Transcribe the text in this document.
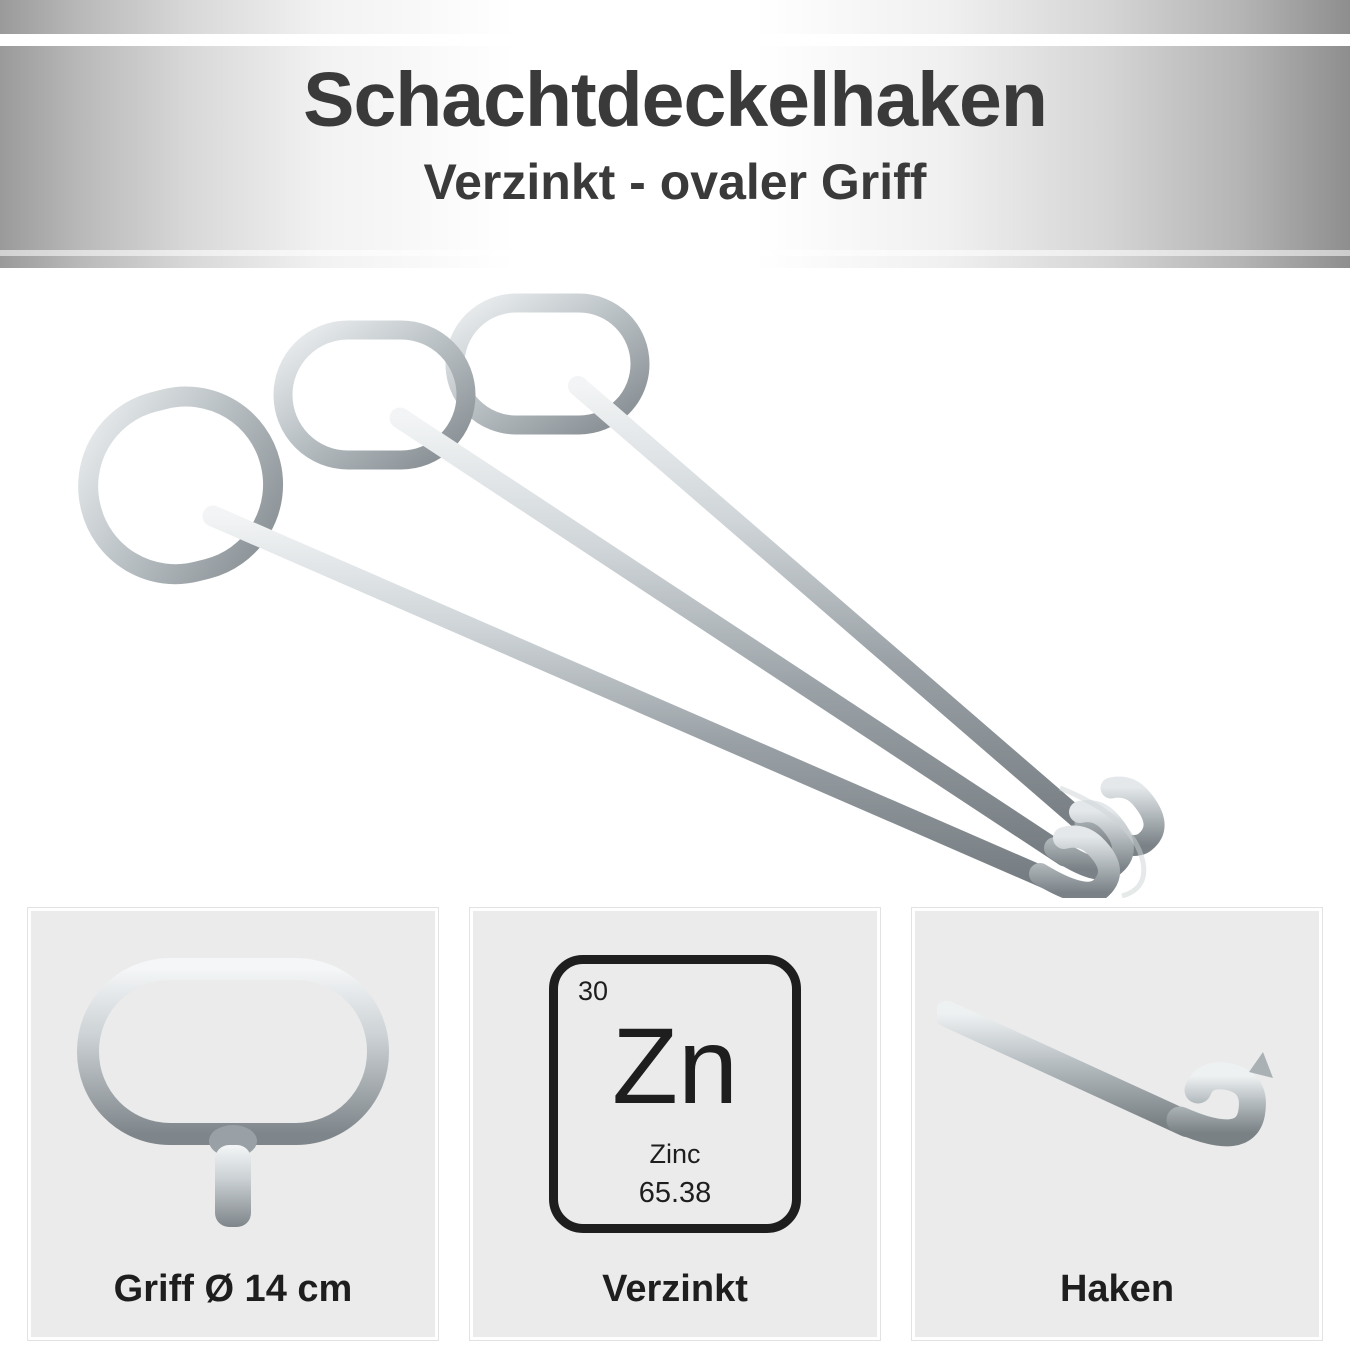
Schachtdeckelhaken
Verzinkt - ovaler Griff
Griff Ø 14 cm
30
Zn
Zinc
65.38
Verzinkt	Haken
